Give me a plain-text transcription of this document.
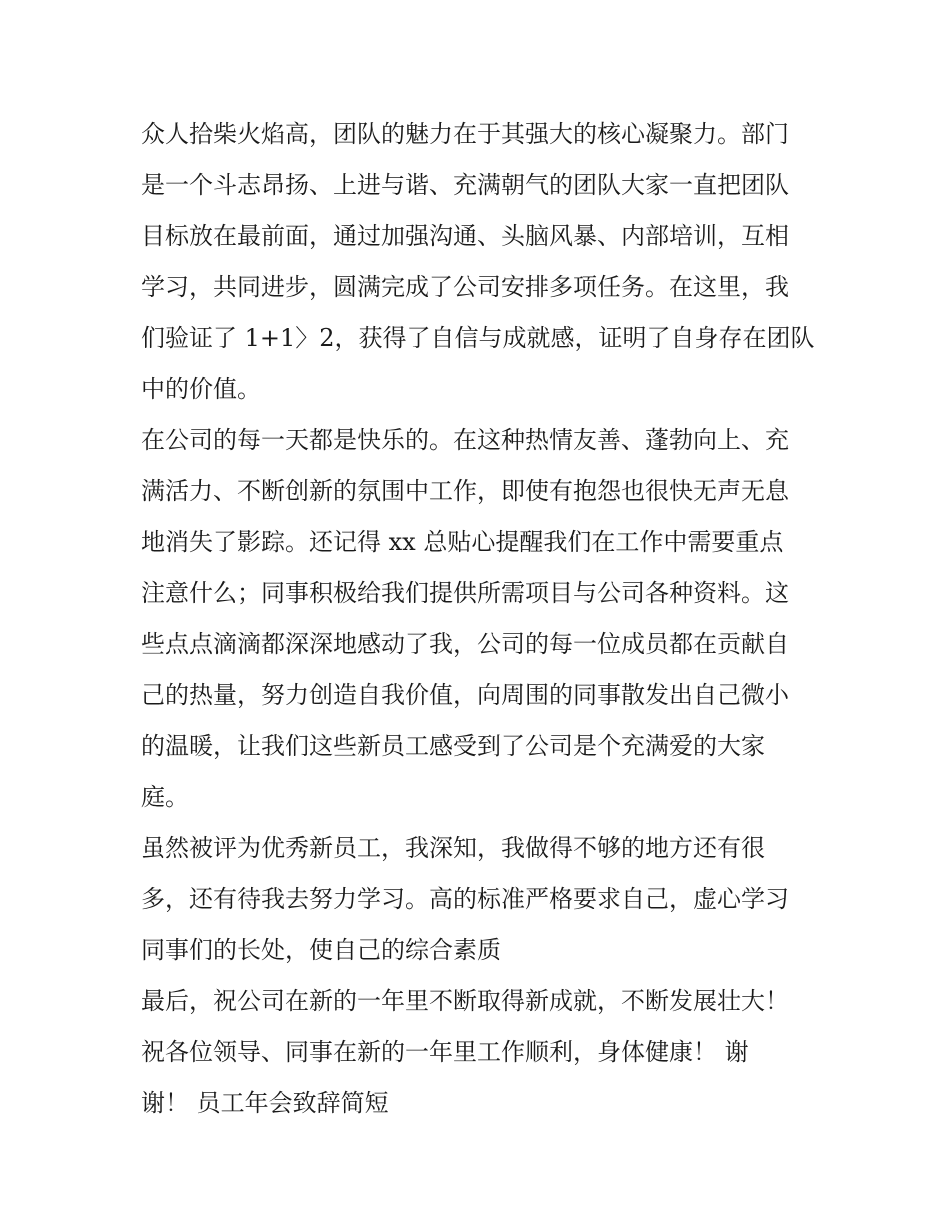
众人拾柴火焰高，团队的魅力在于其强大的核心凝聚力。部门
是一个斗志昂扬、上进与谐、充满朝气的团队大家一直把团队
目标放在最前面，通过加强沟通、头脑风暴、内部培训，互相
学习，共同进步，圆满完成了公司安排多项任务。在这里，我
们验证了 1+1〉2，获得了自信与成就感，证明了自身存在团队
中的价值。
在公司的每一天都是快乐的。在这种热情友善、蓬勃向上、充
满活力、不断创新的氛围中工作，即使有抱怨也很快无声无息
地消失了影踪。还记得 xx 总贴心提醒我们在工作中需要重点
注意什么；同事积极给我们提供所需项目与公司各种资料。这
些点点滴滴都深深地感动了我，公司的每一位成员都在贡献自
己的热量，努力创造自我价值，向周围的同事散发出自己微小
的温暖，让我们这些新员工感受到了公司是个充满爱的大家
庭。
虽然被评为优秀新员工，我深知，我做得不够的地方还有很
多，还有待我去努力学习。高的标准严格要求自己，虚心学习
同事们的长处，使自己的综合素质
最后，祝公司在新的一年里不断取得新成就，不断发展壮大！
祝各位领导、同事在新的一年里工作顺利，身体健康！ 谢
谢！ 员工年会致辞简短
